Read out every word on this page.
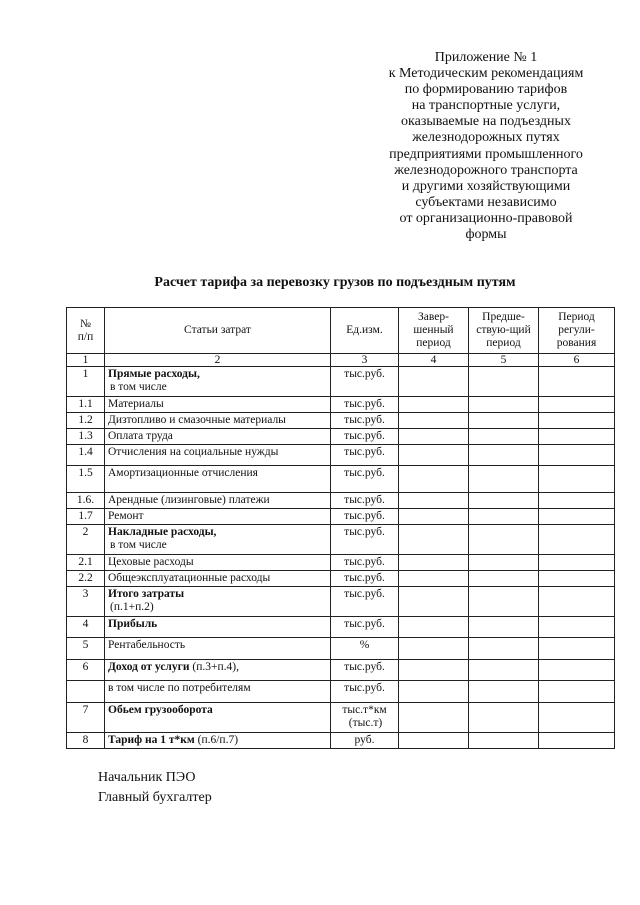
Приложение № 1
к Методическим рекомендациям
по формированию тарифов
на транспортные услуги,
оказываемые на подъездных
железнодорожных путях
предприятиями промышленного
железнодорожного транспорта
и другими хозяйствующими
субъектами независимо
от организационно-правовой
формы
Расчет тарифа за перевозку грузов по подъездным путям
№
п/п	Статьи затрат	Ед.изм.	Завер-
шенный
период	Предше-
ствую-щий
период	Период
регули-
рования
1	2	3	4	5	6
1	Прямые расходы,
в том числе	тыс.руб.			
1.1	Материалы	тыс.руб.			
1.2	Дизтопливо и смазочные материалы	тыс.руб.			
1.3	Оплата труда	тыс.руб.			
1.4	Отчисления на социальные нужды	тыс.руб.			
1.5	Амортизационные отчисления	тыс.руб.			
1.6.	Арендные (лизинговые) платежи	тыс.руб.			
1.7	Ремонт	тыс.руб.			
2	Накладные расходы,
в том числе	тыс.руб.			
2.1	Цеховые расходы	тыс.руб.			
2.2	Общеэксплуатационные расходы	тыс.руб.			
3	Итого затраты
(п.1+п.2)	тыс.руб.			
4	Прибыль	тыс.руб.			
5	Рентабельность	%			
6	Доход от услуги (п.3+п.4),	тыс.руб.			
	в том числе по потребителям	тыс.руб.			
7	Обьем грузооборота	тыс.т*км
(тыс.т)			

8	Тариф на 1 т*км (п.6/п.7)	руб.			
Начальник ПЭО
Главный бухгалтер
